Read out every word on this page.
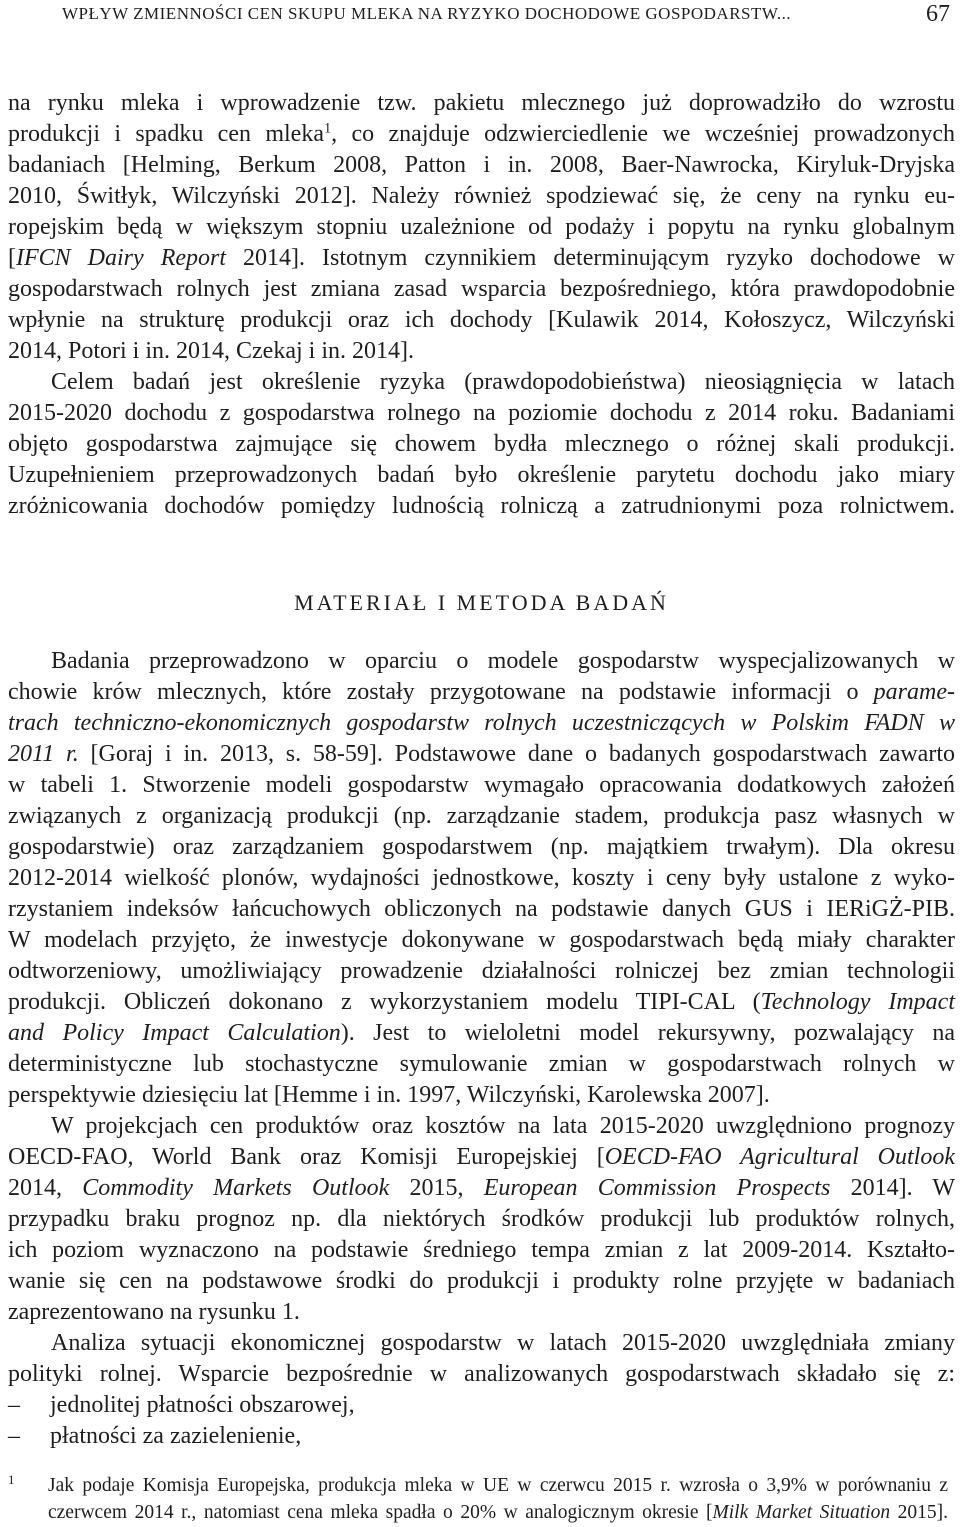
WPŁYW ZMIENNOŚCI CEN SKUPU MLEKA NA RYZYKO DOCHODOWE GOSPODARSTW...	67
na rynku mleka i wprowadzenie tzw. pakietu mlecznego już doprowadziło do wzrostu
produkcji i spadku cen mleka$^1$, co znajduje odzwierciedlenie we wcześniej prowadzonych
badaniach [Helming, Berkum 2008, Patton i in. 2008, Baer-Nawrocka, Kiryluk-Dryjska
2010, Świtłyk, Wilczyński 2012]. Należy również spodziewać się, że ceny na rynku eu-
ropejskim będą w większym stopniu uzależnione od podaży i popytu na rynku globalnym
[IFCN Dairy Report 2014]. Istotnym czynnikiem determinującym ryzyko dochodowe w
gospodarstwach rolnych jest zmiana zasad wsparcia bezpośredniego, która prawdopodobnie
wpłynie na strukturę produkcji oraz ich dochody [Kulawik 2014, Kołoszycz, Wilczyński
2014, Potori i in. 2014, Czekaj i in. 2014].
Celem badań jest określenie ryzyka (prawdopodobieństwa) nieosiągnięcia w latach
2015-2020 dochodu z gospodarstwa rolnego na poziomie dochodu z 2014 roku. Badaniami
objęto gospodarstwa zajmujące się chowem bydła mlecznego o różnej skali produkcji.
Uzupełnieniem przeprowadzonych badań było określenie parytetu dochodu jako miary
zróżnicowania dochodów pomiędzy ludnością rolniczą a zatrudnionymi poza rolnictwem.
MATERIAŁ I METODA BADAŃ
Badania przeprowadzono w oparciu o modele gospodarstw wyspecjalizowanych w
chowie krów mlecznych, które zostały przygotowane na podstawie informacji o parame-
trach techniczno-ekonomicznych gospodarstw rolnych uczestniczących w Polskim FADN w
2011 r. [Goraj i in. 2013, s. 58-59]. Podstawowe dane o badanych gospodarstwach zawarto
w tabeli 1. Stworzenie modeli gospodarstw wymagało opracowania dodatkowych założeń
związanych z organizacją produkcji (np. zarządzanie stadem, produkcja pasz własnych w
gospodarstwie) oraz zarządzaniem gospodarstwem (np. majątkiem trwałym). Dla okresu
2012-2014 wielkość plonów, wydajności jednostkowe, koszty i ceny były ustalone z wyko-
rzystaniem indeksów łańcuchowych obliczonych na podstawie danych GUS i IERiGŻ-PIB.
W modelach przyjęto, że inwestycje dokonywane w gospodarstwach będą miały charakter
odtworzeniowy, umożliwiający prowadzenie działalności rolniczej bez zmian technologii
produkcji. Obliczeń dokonano z wykorzystaniem modelu TIPI-CAL (Technology Impact
and Policy Impact Calculation). Jest to wieloletni model rekursywny, pozwalający na
deterministyczne lub stochastyczne symulowanie zmian w gospodarstwach rolnych w
perspektywie dziesięciu lat [Hemme i in. 1997, Wilczyński, Karolewska 2007].
W projekcjach cen produktów oraz kosztów na lata 2015-2020 uwzględniono prognozy
OECD-FAO, World Bank oraz Komisji Europejskiej [OECD-FAO Agricultural Outlook
2014, Commodity Markets Outlook 2015, European Commission Prospects 2014]. W
przypadku braku prognoz np. dla niektórych środków produkcji lub produktów rolnych,
ich poziom wyznaczono na podstawie średniego tempa zmian z lat 2009-2014. Kształto-
wanie się cen na podstawowe środki do produkcji i produkty rolne przyjęte w badaniach
zaprezentowano na rysunku 1.
Analiza sytuacji ekonomicznej gospodarstw w latach 2015-2020 uwzględniała zmiany
polityki rolnej. Wsparcie bezpośrednie w analizowanych gospodarstwach składało się z:
–	jednolitej płatności obszarowej,
–	płatności za zazielenienie,
1 Jak podaje Komisja Europejska, produkcja mleka w UE w czerwcu 2015 r. wzrosła o 3,9% w porównaniu z
czerwcem 2014 r., natomiast cena mleka spadła o 20% w analogicznym okresie [Milk Market Situation 2015].
